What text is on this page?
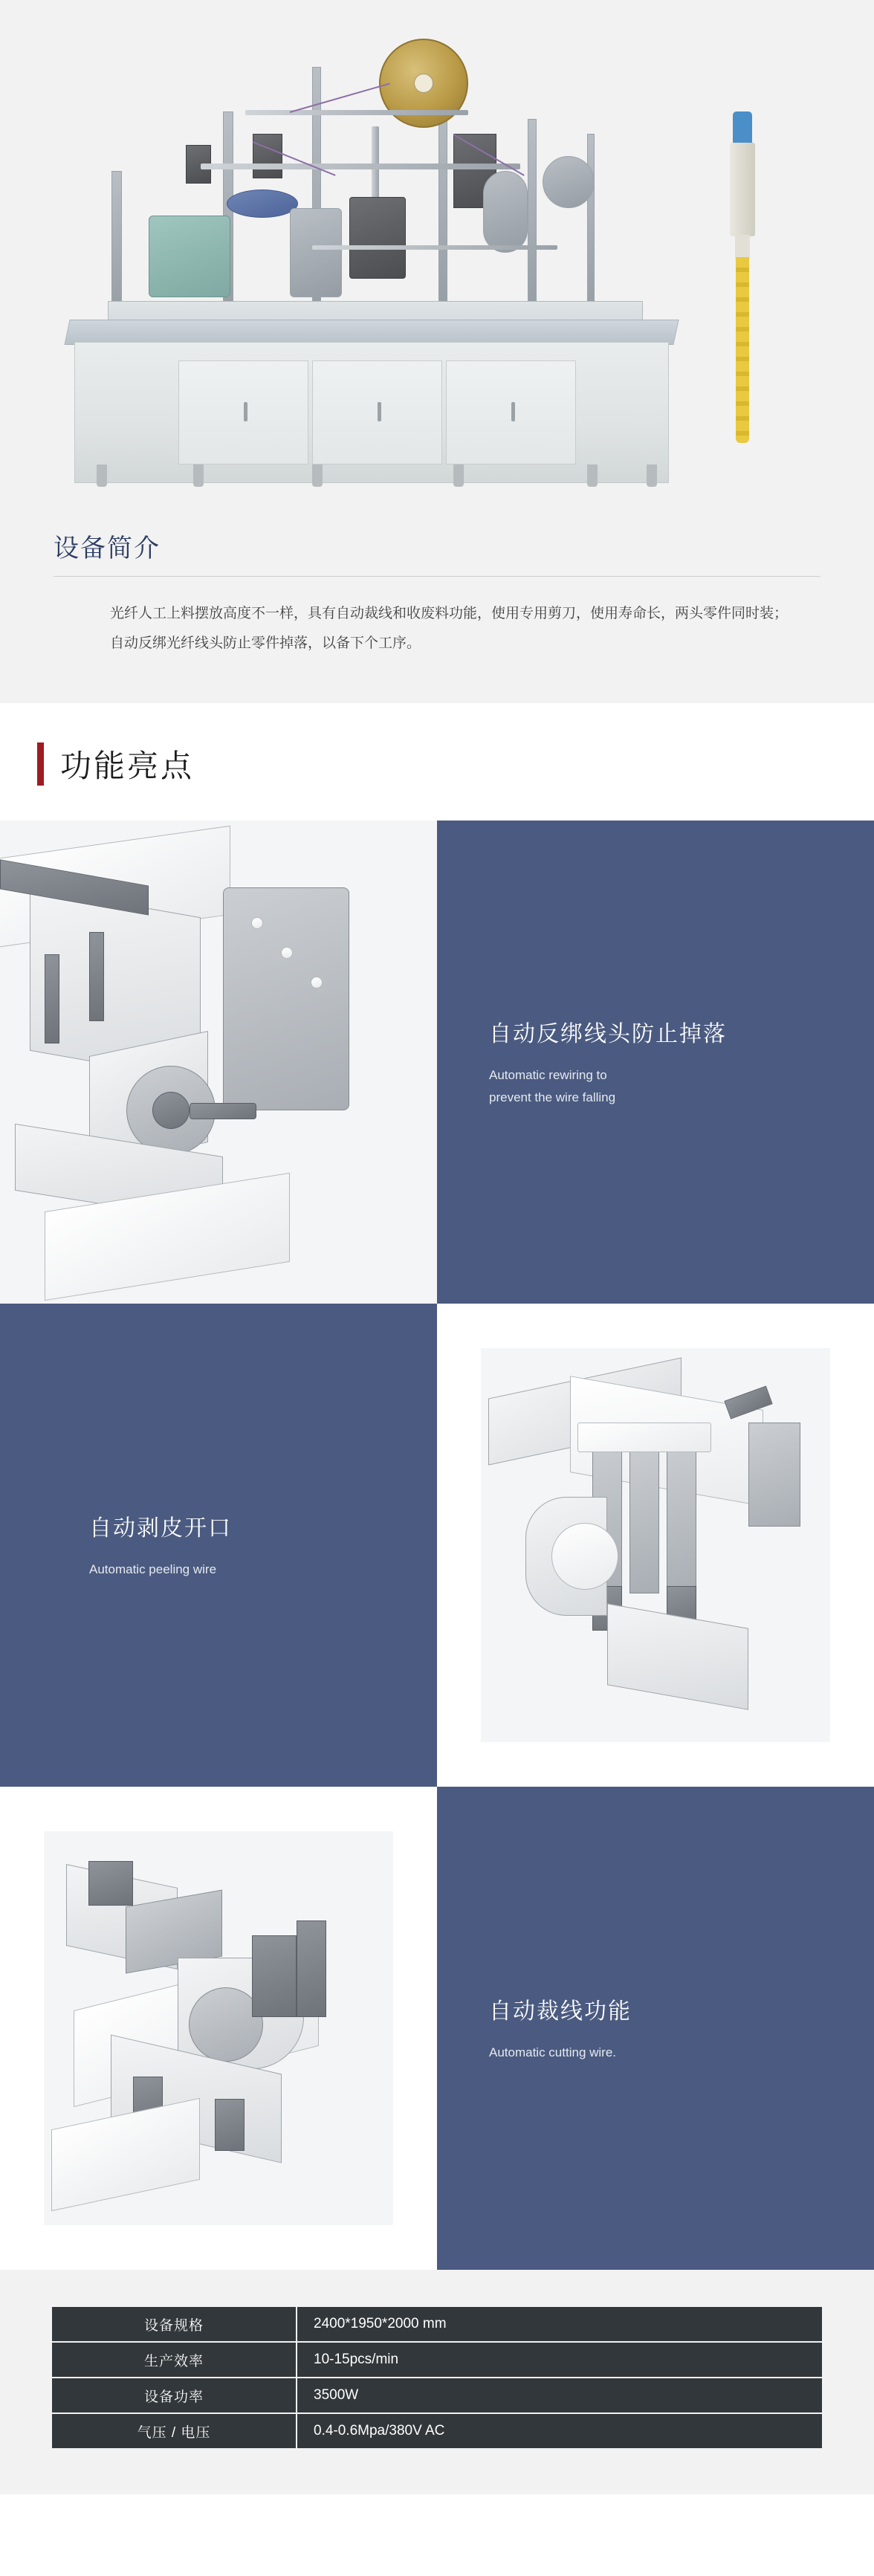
设备简介

光纤人工上料摆放高度不一样，具有自动裁线和收废料功能，使用专用剪刀，使用寿命长，两头零件同时装；

自动反绑光纤线头防止零件掉落，以备下个工序。

功能亮点
自动反绑线头防止掉落
Automatic rewiring to
prevent the wire falling
自动剥皮开口
Automatic peeling wire
自动裁线功能
Automatic cutting wire.
设备规格	2400*1950*2000 mm
生产效率	10-15pcs/min
设备功率	3500W
气压 / 电压	0.4-0.6Mpa/380V AC
